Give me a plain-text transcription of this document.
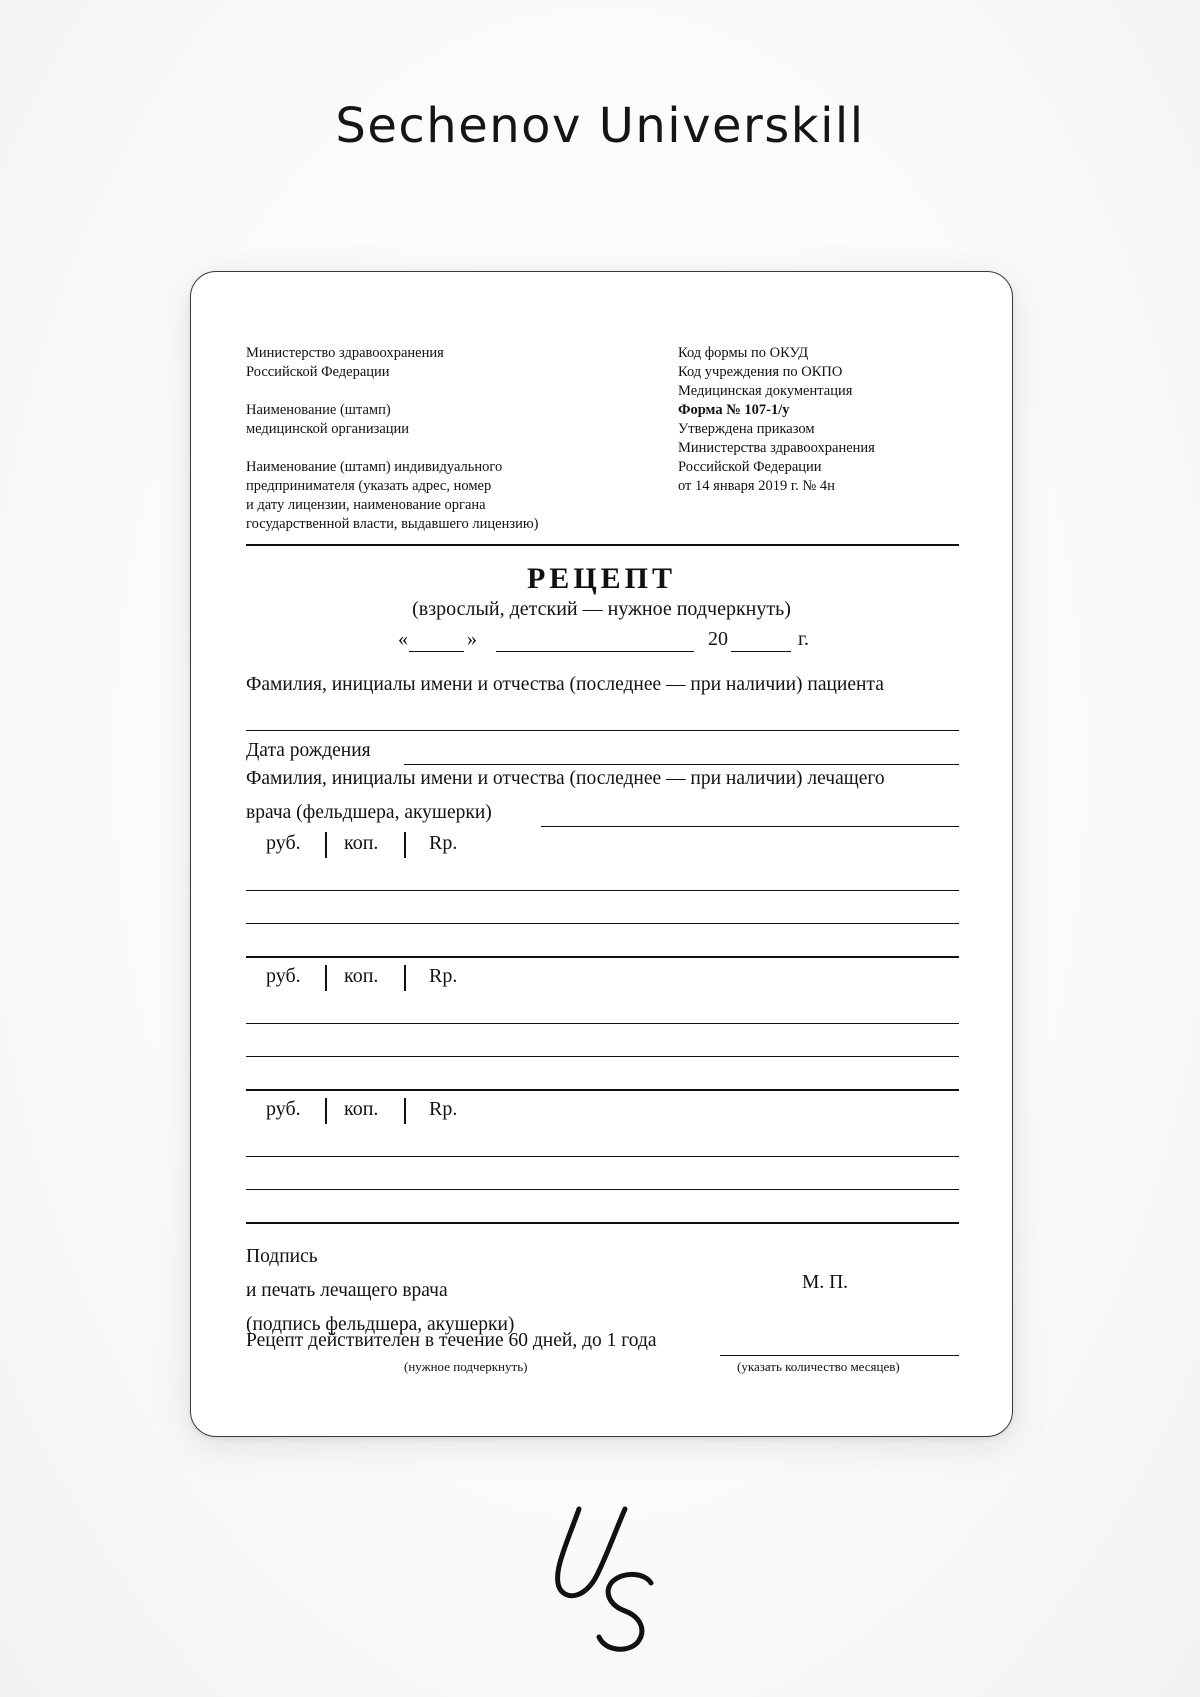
Sechenov Universkill
Министерство здравоохранения
Российской Федерации
Наименование (штамп)
медицинской организации
Наименование (штамп) индивидуального
предпринимателя (указать адрес, номер
и дату лицензии, наименование органа
государственной власти, выдавшего лицензию)
Код формы по ОКУД
Код учреждения по ОКПО
Медицинская документация
Форма № 107-1/у
Утверждена приказом
Министерства здравоохранения
Российской Федерации
от 14 января 2019 г. № 4н
РЕЦЕПТ
(взрослый, детский — нужное подчеркнуть)
«	»	20	г.
Фамилия, инициалы имени и отчества (последнее — при наличии) пациента
Дата рождения
Фамилия, инициалы имени и отчества (последнее — при наличии) лечащего
врача (фельдшера, акушерки)
руб. коп.	Rp.
руб. коп.	Rp.
руб. коп.	Rp.
Подпись
и печать лечащего врача
(подпись фельдшера, акушерки)
М. П.
Рецепт действителен в течение 60 дней, до 1 года
(нужное подчеркнуть)	(указать количество месяцев)
